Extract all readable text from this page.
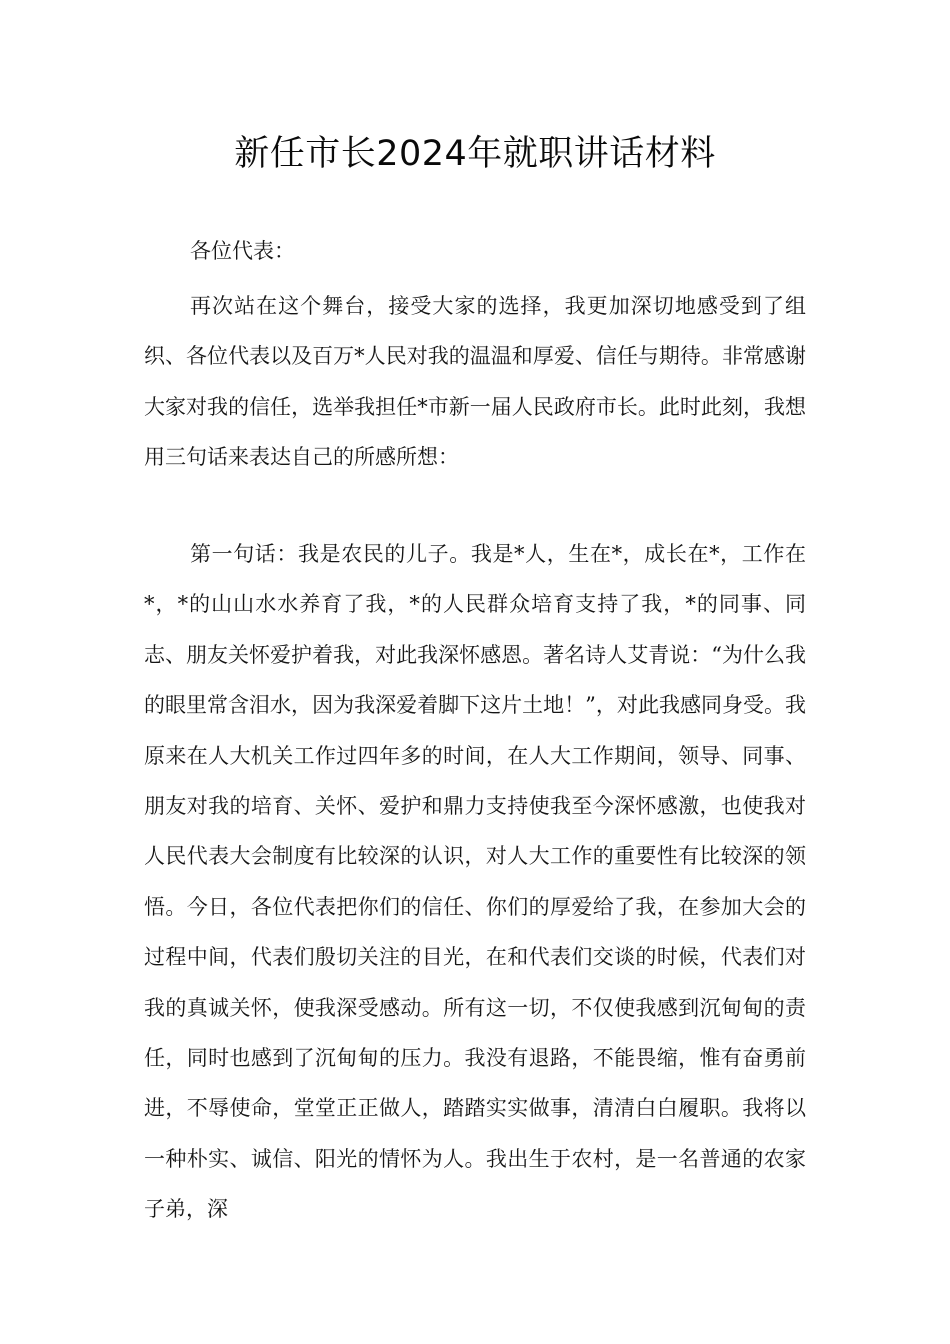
新任市长2024年就职讲话材料
各位代表：

再次站在这个舞台，接受大家的选择，我更加深切地感受到了组织、各位代表以及百万*人民对我的温温和厚爱、信任与期待。非常感谢大家对我的信任，选举我担任*市新一届人民政府市长。此时此刻，我想用三句话来表达自己的所感所想：

第一句话：我是农民的儿子。我是*人，生在*，成长在*，工作在*，*的山山水水养育了我，*的人民群众培育支持了我，*的同事、同志、朋友关怀爱护着我，对此我深怀感恩。著名诗人艾青说：“为什么我的眼里常含泪水，因为我深爱着脚下这片土地！”，对此我感同身受。我原来在人大机关工作过四年多的时间，在人大工作期间，领导、同事、朋友对我的培育、关怀、爱护和鼎力支持使我至今深怀感激，也使我对人民代表大会制度有比较深的认识，对人大工作的重要性有比较深的领悟。今日，各位代表把你们的信任、你们的厚爱给了我，在参加大会的过程中间，代表们殷切关注的目光，在和代表们交谈的时候，代表们对我的真诚关怀，使我深受感动。所有这一切，不仅使我感到沉甸甸的责任，同时也感到了沉甸甸的压力。我没有退路，不能畏缩，惟有奋勇前进，不辱使命，堂堂正正做人，踏踏实实做事，清清白白履职。我将以一种朴实、诚信、阳光的情怀为人。我出生于农村，是一名普通的农家子弟，深
